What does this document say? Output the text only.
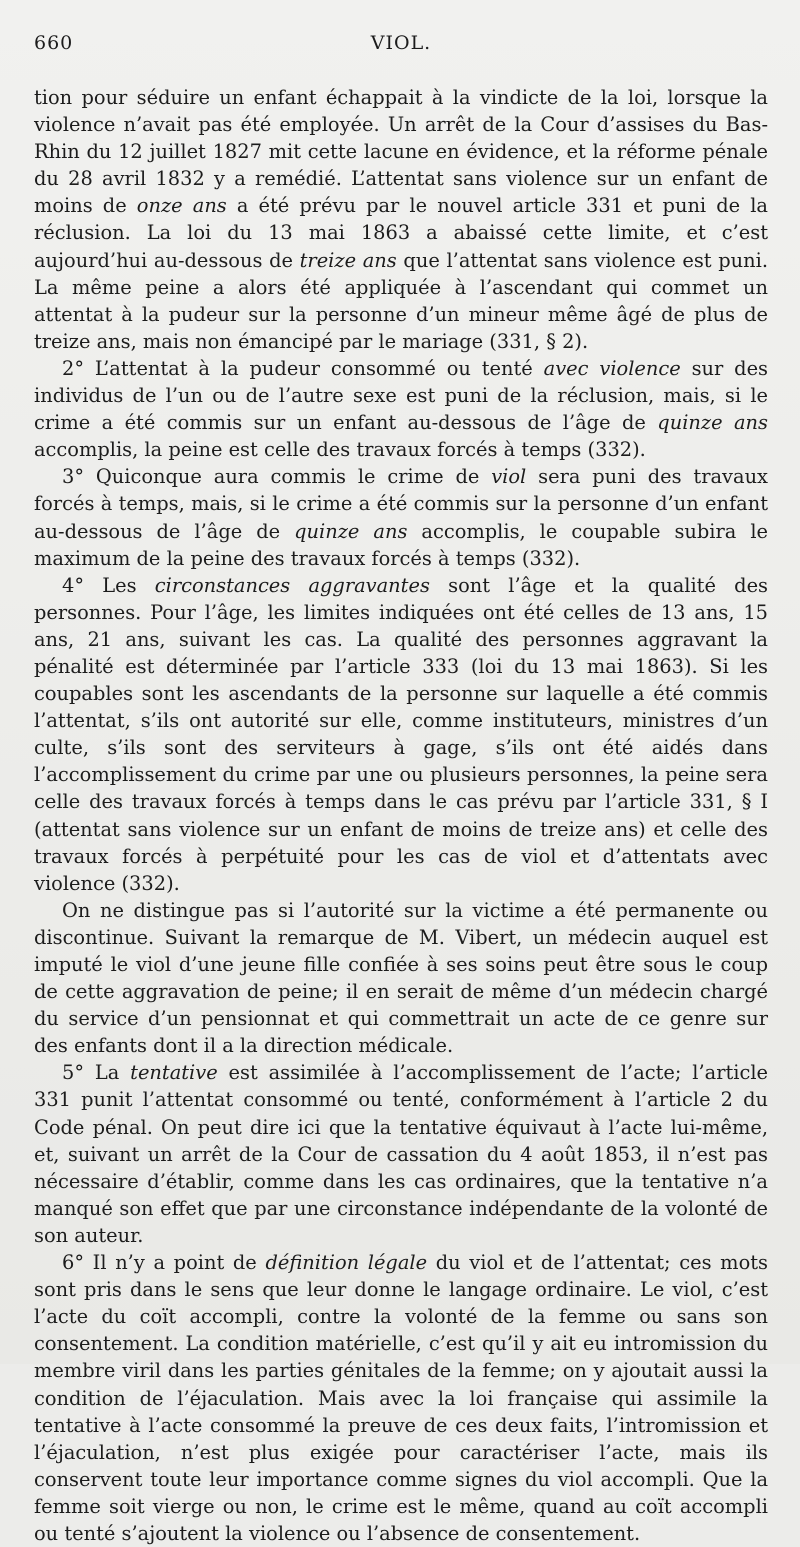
660	VIOL.

tion pour séduire un enfant échappait à la vindicte de la loi, lorsque la violence n’avait pas été employée. Un arrêt de la Cour d’assises du Bas-Rhin du 12 juillet 1827 mit cette lacune en évidence, et la réforme pénale du 28 avril 1832 y a remédié. L’attentat sans violence sur un enfant de moins de onze ans a été prévu par le nouvel article 331 et puni de la réclusion. La loi du 13 mai 1863 a abaissé cette limite, et c’est aujourd’hui au-dessous de treize ans que l’attentat sans violence est puni. La même peine a alors été appliquée à l’ascendant qui commet un attentat à la pudeur sur la personne d’un mineur même âgé de plus de treize ans, mais non émancipé par le mariage (331, § 2).

2° L’attentat à la pudeur consommé ou tenté avec violence sur des individus de l’un ou de l’autre sexe est puni de la réclusion, mais, si le crime a été commis sur un enfant au-dessous de l’âge de quinze ans accomplis, la peine est celle des travaux forcés à temps (332).

3° Quiconque aura commis le crime de viol sera puni des travaux forcés à temps, mais, si le crime a été commis sur la personne d’un enfant au-dessous de l’âge de quinze ans accomplis, le coupable subira le maximum de la peine des travaux forcés à temps (332).

4° Les circonstances aggravantes sont l’âge et la qualité des personnes. Pour l’âge, les limites indiquées ont été celles de 13 ans, 15 ans, 21 ans, suivant les cas. La qualité des personnes aggravant la pénalité est déterminée par l’article 333 (loi du 13 mai 1863). Si les coupables sont les ascendants de la personne sur laquelle a été commis l’attentat, s’ils ont autorité sur elle, comme instituteurs, ministres d’un culte, s’ils sont des serviteurs à gage, s’ils ont été aidés dans l’accomplissement du crime par une ou plusieurs personnes, la peine sera celle des travaux forcés à temps dans le cas prévu par l’article 331, § I (attentat sans violence sur un enfant de moins de treize ans) et celle des travaux forcés à perpétuité pour les cas de viol et d’attentats avec violence (332).

On ne distingue pas si l’autorité sur la victime a été permanente ou discontinue. Suivant la remarque de M. Vibert, un médecin auquel est imputé le viol d’une jeune fille confiée à ses soins peut être sous le coup de cette aggravation de peine; il en serait de même d’un médecin chargé du service d’un pensionnat et qui commettrait un acte de ce genre sur des enfants dont il a la direction médicale.

5° La tentative est assimilée à l’accomplissement de l’acte; l’article 331 punit l’attentat consommé ou tenté, conformément à l’article 2 du Code pénal. On peut dire ici que la tentative équivaut à l’acte lui-même, et, suivant un arrêt de la Cour de cassation du 4 août 1853, il n’est pas nécessaire d’établir, comme dans les cas ordinaires, que la tentative n’a manqué son effet que par une circonstance indépendante de la volonté de son auteur.

6° Il n’y a point de définition légale du viol et de l’attentat; ces mots sont pris dans le sens que leur donne le langage ordinaire. Le viol, c’est l’acte du coït accompli, contre la volonté de la femme ou sans son consentement. La condition matérielle, c’est qu’il y ait eu intromission du membre viril dans les parties génitales de la femme; on y ajoutait aussi la condition de l’éjaculation. Mais avec la loi française qui assimile la tentative à l’acte consommé la preuve de ces deux faits, l’intromission et l’éjaculation, n’est plus exigée pour caractériser l’acte, mais ils conservent toute leur importance comme signes du viol accompli. Que la femme soit vierge ou non, le crime est le même, quand au coït accompli ou tenté s’ajoutent la violence ou l’absence de consentement.
